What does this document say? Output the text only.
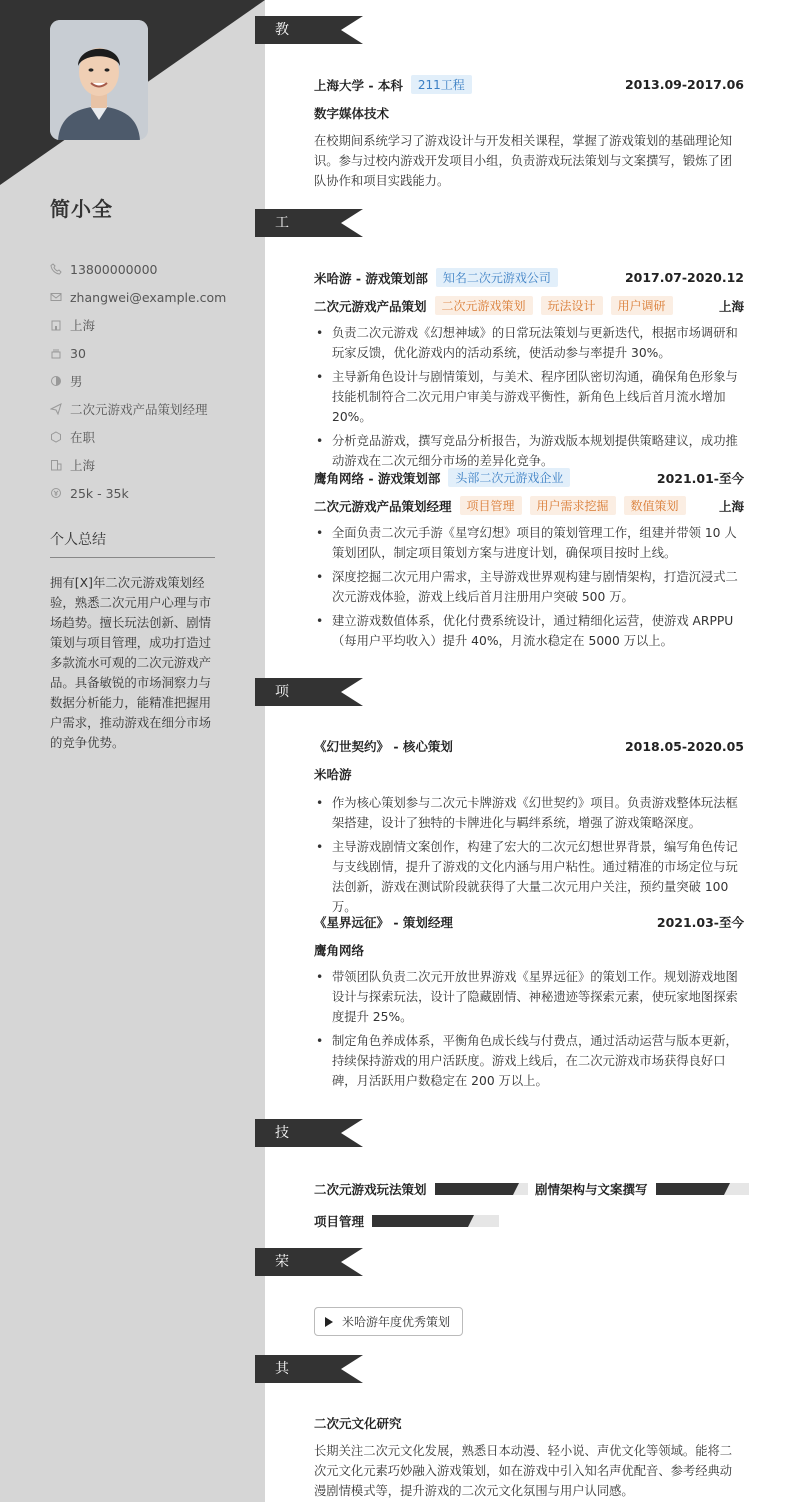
简小全
13800000000
zhangwei@example.com
上海
30
男
二次元游戏产品策划经理
在职
上海
25k - 35k
个人总结
拥有[X]年二次元游戏策划经验，熟悉二次元用户心理与市场趋势。擅长玩法创新、剧情策划与项目管理，成功打造过多款流水可观的二次元游戏产品。具备敏锐的市场洞察力与数据分析能力，能精准把握用户需求，推动游戏在细分市场的竞争优势。
教育经历
上海大学 - 本科	211工程	2013.09-2017.06
数字媒体技术
在校期间系统学习了游戏设计与开发相关课程，掌握了游戏策划的基础理论知识。参与过校内游戏开发项目小组，负责游戏玩法策划与文案撰写，锻炼了团队协作和项目实践能力。
工作经历
米哈游 - 游戏策划部	知名二次元游戏公司	2017.07-2020.12
二次元游戏产品策划	二次元游戏策划	玩法设计	用户调研	上海
• 负责二次元游戏《幻想神域》的日常玩法策划与更新迭代，根据市场调研和玩家反馈，优化游戏内的活动系统，使活动参与率提升 30%。
• 主导新角色设计与剧情策划，与美术、程序团队密切沟通，确保角色形象与技能机制符合二次元用户审美与游戏平衡性，新角色上线后首月流水增加 20%。
• 分析竞品游戏，撰写竞品分析报告，为游戏版本规划提供策略建议，成功推动游戏在二次元细分市场的差异化竞争。
鹰角网络 - 游戏策划部	头部二次元游戏企业	2021.01-至今
二次元游戏产品策划经理	项目管理	用户需求挖掘	数值策划	上海
• 全面负责二次元手游《星穹幻想》项目的策划管理工作，组建并带领 10 人策划团队，制定项目策划方案与进度计划，确保项目按时上线。
• 深度挖掘二次元用户需求，主导游戏世界观构建与剧情架构，打造沉浸式二次元游戏体验，游戏上线后首月注册用户突破 500 万。
• 建立游戏数值体系，优化付费系统设计，通过精细化运营，使游戏 ARPPU（每用户平均收入）提升 40%，月流水稳定在 5000 万以上。
项目经历
《幻世契约》 - 核心策划	2018.05-2020.05
米哈游
• 作为核心策划参与二次元卡牌游戏《幻世契约》项目。负责游戏整体玩法框架搭建，设计了独特的卡牌进化与羁绊系统，增强了游戏策略深度。
• 主导游戏剧情文案创作，构建了宏大的二次元幻想世界背景，编写角色传记与支线剧情，提升了游戏的文化内涵与用户粘性。通过精准的市场定位与玩法创新，游戏在测试阶段就获得了大量二次元用户关注，预约量突破 100 万。
《星界远征》 - 策划经理	2021.03-至今
鹰角网络
• 带领团队负责二次元开放世界游戏《星界远征》的策划工作。规划游戏地图设计与探索玩法，设计了隐藏剧情、神秘遗迹等探索元素，使玩家地图探索度提升 25%。
• 制定角色养成体系，平衡角色成长线与付费点，通过活动运营与版本更新，持续保持游戏的用户活跃度。游戏上线后，在二次元游戏市场获得良好口碑，月活跃用户数稳定在 200 万以上。
技能专长
二次元游戏玩法策划	剧情架构与文案撰写
项目管理
荣誉奖项
米哈游年度优秀策划
其他信息
二次元文化研究
长期关注二次元文化发展，熟悉日本动漫、轻小说、声优文化等领域。能将二次元文化元素巧妙融入游戏策划，如在游戏中引入知名声优配音、参考经典动漫剧情模式等，提升游戏的二次元文化氛围与用户认同感。
